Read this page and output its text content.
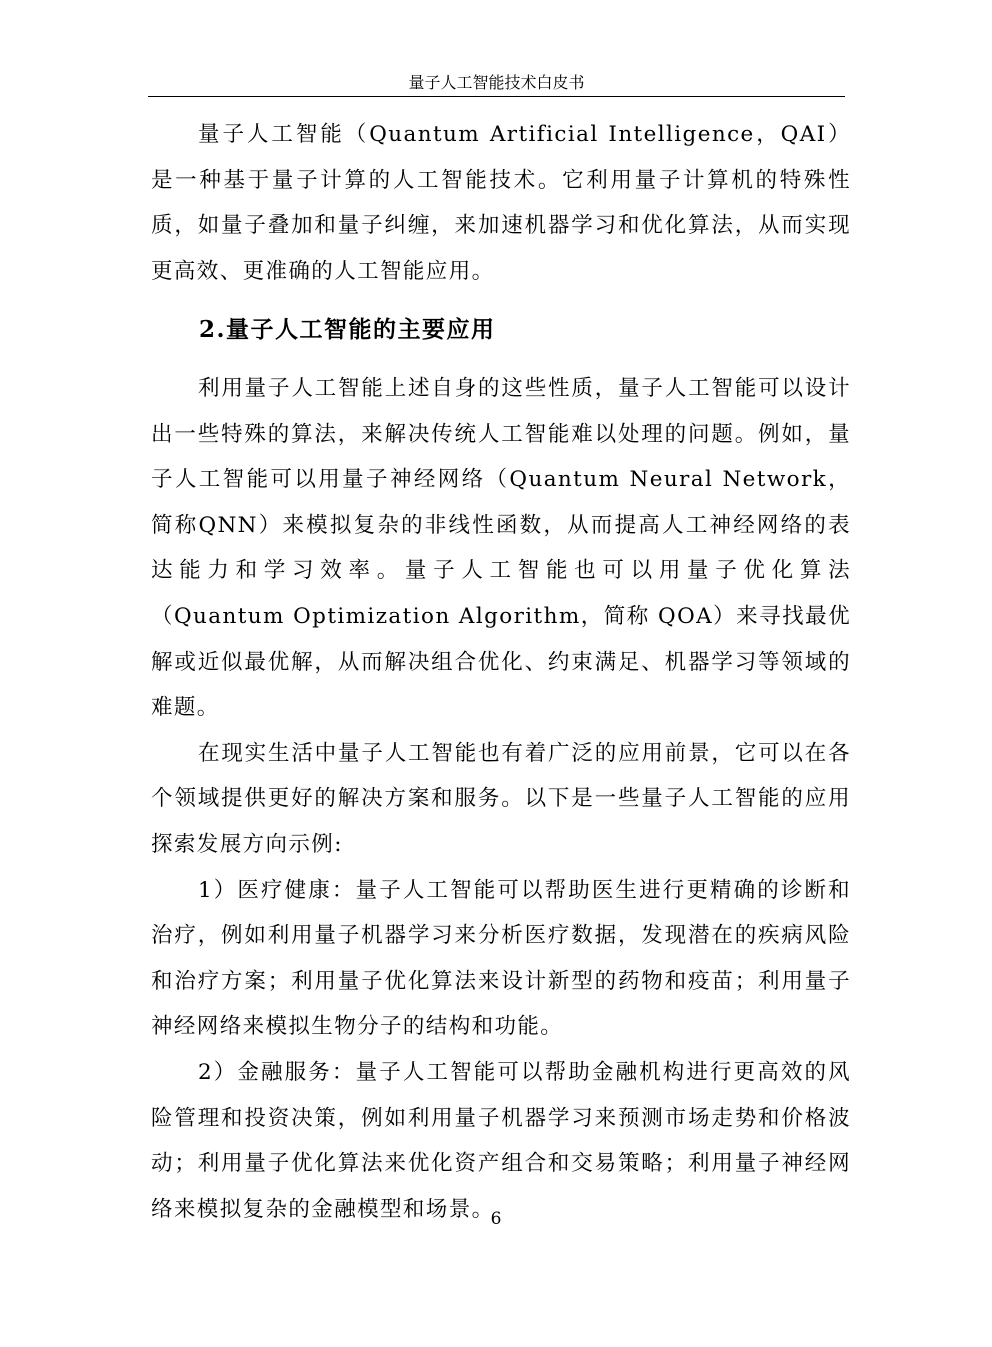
量子人工智能技术白皮书

量子人工智能（Quantum Artificial Intelligence，QAI）是一种基于量子计算的人工智能技术。它利用量子计算机的特殊性质，如量子叠加和量子纠缠，来加速机器学习和优化算法，从而实现更高效、更准确的人工智能应用。

2.量子人工智能的主要应用

利用量子人工智能上述自身的这些性质，量子人工智能可以设计出一些特殊的算法，来解决传统人工智能难以处理的问题。例如，量子人工智能可以用量子神经网络（Quantum Neural Network，简称QNN）来模拟复杂的非线性函数，从而提高人工神经网络的表达能力和学习效率。量子人工智能也可以用量子优化算法（Quantum Optimization Algorithm，简称 QOA）来寻找最优解或近似最优解，从而解决组合优化、约束满足、机器学习等领域的难题。

在现实生活中量子人工智能也有着广泛的应用前景，它可以在各个领域提供更好的解决方案和服务。以下是一些量子人工智能的应用探索发展方向示例:

1）医疗健康：量子人工智能可以帮助医生进行更精确的诊断和治疗，例如利用量子机器学习来分析医疗数据，发现潜在的疾病风险和治疗方案；利用量子优化算法来设计新型的药物和疫苗；利用量子神经网络来模拟生物分子的结构和功能。

2）金融服务：量子人工智能可以帮助金融机构进行更高效的风险管理和投资决策，例如利用量子机器学习来预测市场走势和价格波动；利用量子优化算法来优化资产组合和交易策略；利用量子神经网络来模拟复杂的金融模型和场景。

6
